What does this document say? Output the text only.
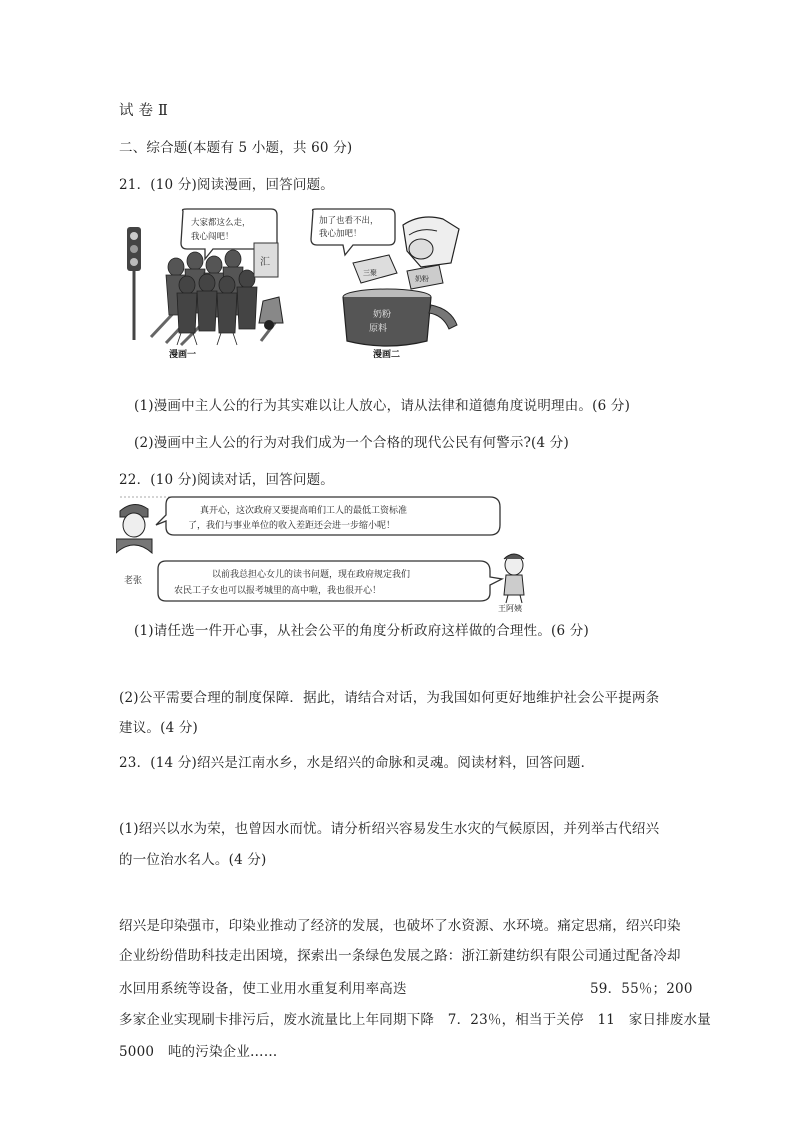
试 卷 Ⅱ
二、综合题(本题有 5 小题，共 60 分)
21．(10 分)阅读漫画，回答问题。
大家都这么走，
我心闯吧！
汇
漫画一
加了也看不出，
我心加吧！
三聚
奶粉
奶粉
原料
漫画二
(1)漫画中主人公的行为其实难以让人放心，请从法律和道德角度说明理由。(6 分)
(2)漫画中主人公的行为对我们成为一个合格的现代公民有何警示?(4 分)
22．(10 分)阅读对话，回答问题。
老张
真开心，这次政府又要提高咱们工人的最低工资标准
了，我们与事业单位的收入差距还会进一步缩小呢！
以前我总担心女儿的读书问题，现在政府规定我们
农民工子女也可以报考城里的高中啦，我也很开心！
王阿姨
(1)请任选一件开心事，从社会公平的角度分析政府这样做的合理性。(6 分)
(2)公平需要合理的制度保障．据此，请结合对话，为我国如何更好地维护社会公平提两条
建议。(4 分)
23．(14 分)绍兴是江南水乡，水是绍兴的命脉和灵魂。阅读材料，回答问题．
(1)绍兴以水为荣，也曾因水而忧。请分析绍兴容易发生水灾的气候原因，并列举古代绍兴
的一位治水名人。(4 分)
绍兴是印染强市，印染业推动了经济的发展，也破坏了水资源、水环境。痛定思痛，绍兴印染
企业纷纷借助科技走出困境，探索出一条绿色发展之路：浙江新建纺织有限公司通过配备冷却
水回用系统等设备，使工业用水重复利用率高迭	59．55％；200
多家企业实现刷卡排污后，废水流量比上年同期下降　7．23％，相当于关停　11　家日排废水量
5000　吨的污染企业……
